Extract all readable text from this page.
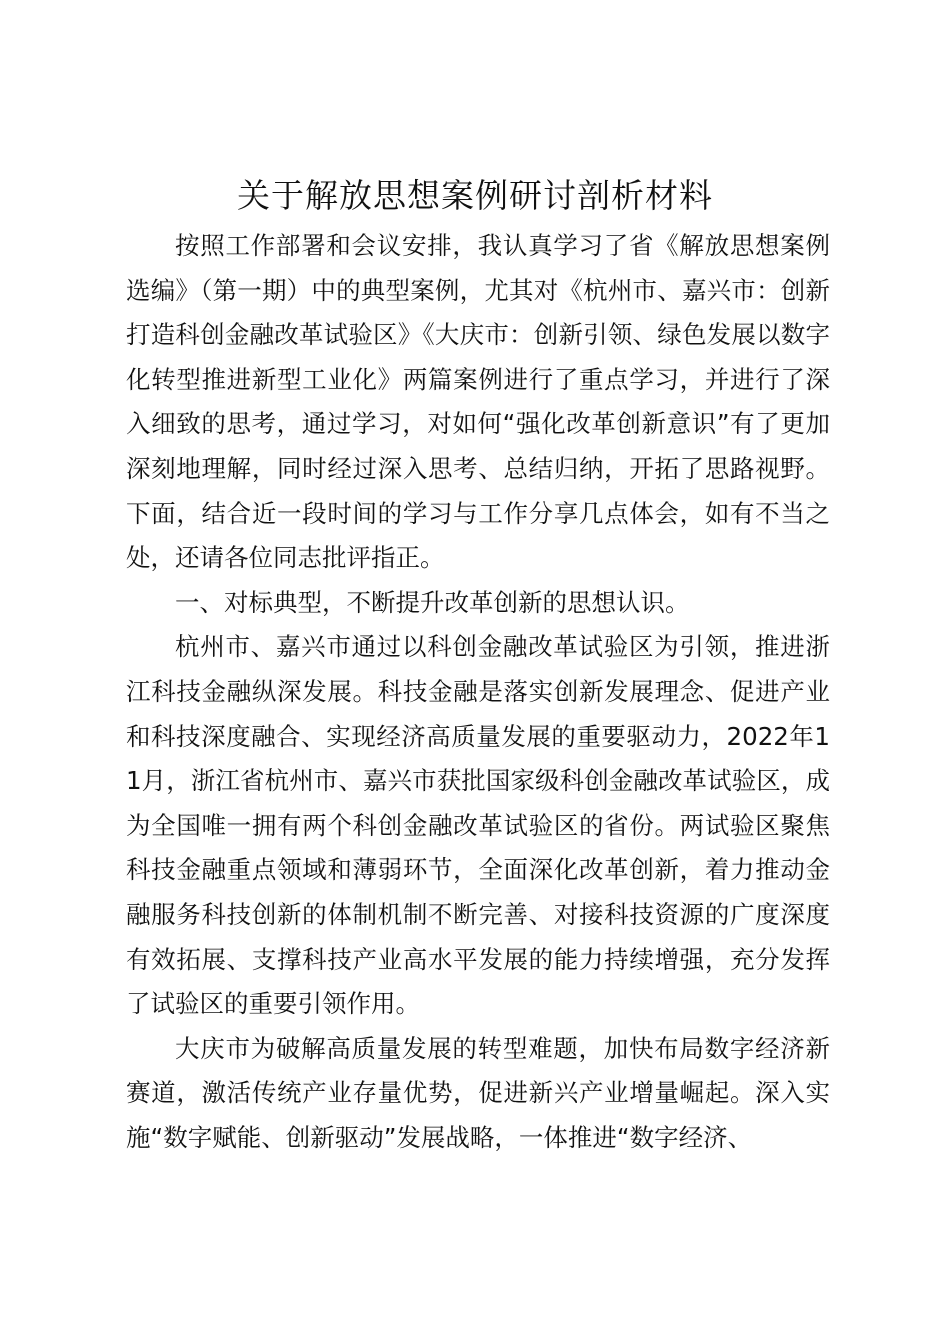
关于解放思想案例研讨剖析材料

按照工作部署和会议安排，我认真学习了省《解放思想案例选编》（第一期）中的典型案例，尤其对《杭州市、嘉兴市：创新打造科创金融改革试验区》《大庆市：创新引领、绿色发展以数字化转型推进新型工业化》两篇案例进行了重点学习，并进行了深入细致的思考，通过学习，对如何“强化改革创新意识”有了更加深刻地理解，同时经过深入思考、总结归纳，开拓了思路视野。下面，结合近一段时间的学习与工作分享几点体会，如有不当之处，还请各位同志批评指正。

一、对标典型，不断提升改革创新的思想认识。

杭州市、嘉兴市通过以科创金融改革试验区为引领，推进浙江科技金融纵深发展。科技金融是落实创新发展理念、促进产业和科技深度融合、实现经济高质量发展的重要驱动力，2022年11月，浙江省杭州市、嘉兴市获批国家级科创金融改革试验区，成为全国唯一拥有两个科创金融改革试验区的省份。两试验区聚焦科技金融重点领域和薄弱环节，全面深化改革创新，着力推动金融服务科技创新的体制机制不断完善、对接科技资源的广度深度有效拓展、支撑科技产业高水平发展的能力持续增强，充分发挥了试验区的重要引领作用。

大庆市为破解高质量发展的转型难题，加快布局数字经济新赛道，激活传统产业存量优势，促进新兴产业增量崛起。深入实施“数字赋能、创新驱动”发展战略，一体推进“数字经济、
